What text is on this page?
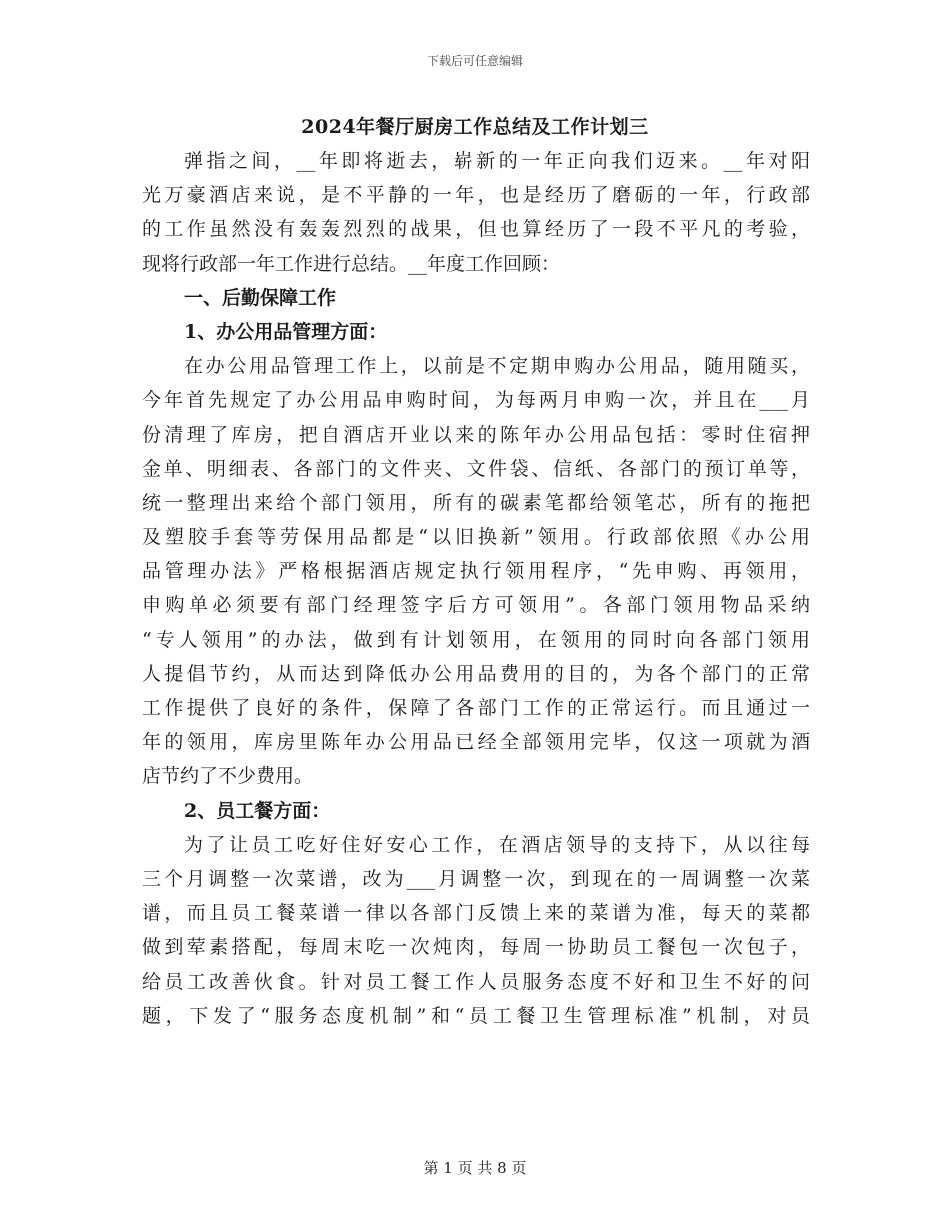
下载后可任意编辑
2024年餐厅厨房工作总结及工作计划三
弹指之间，__年即将逝去，崭新的一年正向我们迈来。__年对阳
光万豪酒店来说，是不平静的一年，也是经历了磨砺的一年，行政部
的工作虽然没有轰轰烈烈的战果，但也算经历了一段不平凡的考验，
现将行政部一年工作进行总结。__年度工作回顾：
一、后勤保障工作
1、办公用品管理方面：
在办公用品管理工作上，以前是不定期申购办公用品，随用随买，
今年首先规定了办公用品申购时间，为每两月申购一次，并且在___月
份清理了库房，把自酒店开业以来的陈年办公用品包括：零时住宿押
金单、明细表、各部门的文件夹、文件袋、信纸、各部门的预订单等，
统一整理出来给个部门领用，所有的碳素笔都给领笔芯，所有的拖把
及塑胶手套等劳保用品都是“以旧换新”领用。行政部依照《办公用
品管理办法》严格根据酒店规定执行领用程序，“先申购、再领用，
申购单必须要有部门经理签字后方可领用”。各部门领用物品采纳
“专人领用”的办法，做到有计划领用，在领用的同时向各部门领用
人提倡节约，从而达到降低办公用品费用的目的，为各个部门的正常
工作提供了良好的条件，保障了各部门工作的正常运行。而且通过一
年的领用，库房里陈年办公用品已经全部领用完毕，仅这一项就为酒
店节约了不少费用。
2、员工餐方面：
为了让员工吃好住好安心工作，在酒店领导的支持下，从以往每
三个月调整一次菜谱，改为___月调整一次，到现在的一周调整一次菜
谱，而且员工餐菜谱一律以各部门反馈上来的菜谱为准，每天的菜都
做到荤素搭配，每周末吃一次炖肉，每周一协助员工餐包一次包子，
给员工改善伙食。针对员工餐工作人员服务态度不好和卫生不好的问
题，下发了“服务态度机制”和“员工餐卫生管理标准”机制，对员
第 1 页 共 8 页
